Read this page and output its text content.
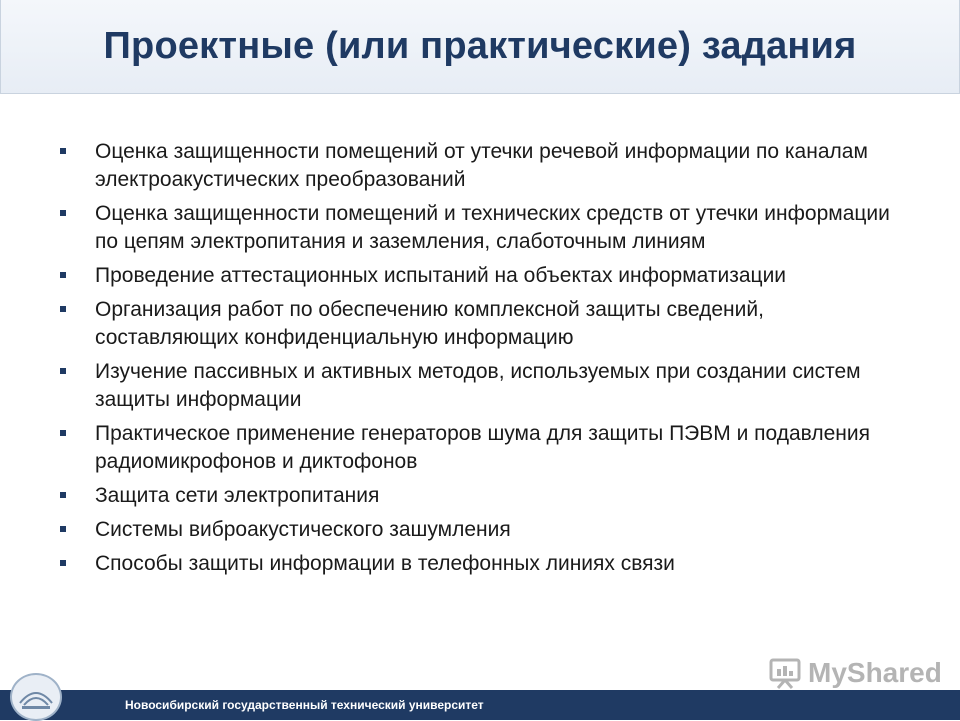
Проектные (или практические) задания
Оценка защищенности помещений от утечки речевой информации по каналам электроакустических преобразований
Оценка защищенности помещений и технических средств от утечки информации по цепям электропитания и заземления, слаботочным линиям
Проведение аттестационных испытаний на объектах информатизации
Организация работ по обеспечению комплексной защиты сведений, составляющих конфиденциальную информацию
Изучение пассивных и активных методов, используемых при создании систем защиты информации
Практическое применение генераторов шума для защиты ПЭВМ и подавления радиомикрофонов и диктофонов
Защита сети электропитания
Системы виброакустического зашумления
Способы защиты информации в телефонных линиях связи
MyShared
Новосибирский государственный технический университет
